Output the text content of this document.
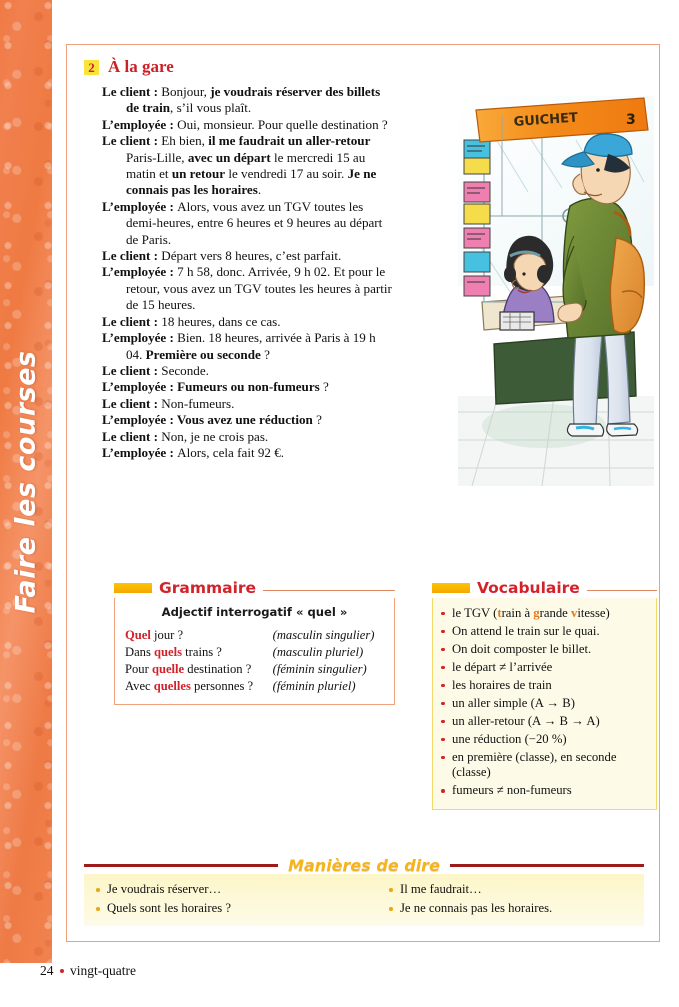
Faire les courses
2 À la gare

Le client : Bonjour, je voudrais réserver des billets de train, s’il vous plaît.

L’employée : Oui, monsieur. Pour quelle destination ?

Le client : Eh bien, il me faudrait un aller-retour Paris-Lille, avec un départ le mercredi 15 au matin et un retour le vendredi 17 au soir. Je ne connais pas les horaires.

L’employée : Alors, vous avez un TGV toutes les demi-heures, entre 6 heures et 9 heures au départ de Paris.

Le client : Départ vers 8 heures, c’est parfait.

L’employée : 7 h 58, donc. Arrivée, 9 h 02. Et pour le retour, vous avez un TGV toutes les heures à partir de 15 heures.

Le client : 18 heures, dans ce cas.

L’employée : Bien. 18 heures, arrivée à Paris à 19 h 04. Première ou seconde ?

Le client : Seconde.

L’employée : Fumeurs ou non-fumeurs ?

Le client : Non-fumeurs.

L’employée : Vous avez une réduction ?

Le client : Non, je ne crois pas.

L’employée : Alors, cela fait 92 €.

GUICHET	3
Grammaire
Adjectif interrogatif « quel »
Quel jour ?	(masculin singulier)
Dans quels trains ?	(masculin pluriel)
Pour quelle destination ?	(féminin singulier)
Avec quelles personnes ?	(féminin pluriel)
Vocabulaire
le TGV (train à grande vitesse)
On attend le train sur le quai.
On doit composter le billet.
le départ ≠ l’arrivée
les horaires de train
un aller simple (A → B)
un aller-retour (A → B → A)
une réduction (−20 %)
en première (classe), en seconde (classe)
fumeurs ≠ non-fumeurs
Manières de dire
Je voudrais réserver…
Quels sont les horaires ?
Il me faudrait…
Je ne connais pas les horaires.
24 vingt-quatre
